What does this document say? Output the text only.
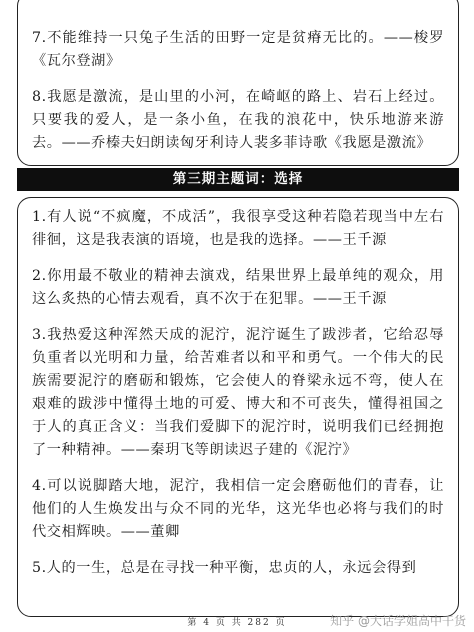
7.不能维持一只兔子生活的田野一定是贫瘠无比的。——梭罗《瓦尔登湖》

8.我愿是激流，是山里的小河，在崎岖的路上、岩石上经过。只要我的爱人，是一条小鱼，在我的浪花中，快乐地游来游去。——乔榛夫妇朗读匈牙利诗人裴多菲诗歌《我愿是激流》

第三期主题词：选择

1.有人说“不疯魔，不成活”，我很享受这种若隐若现当中左右徘徊，这是我表演的语境，也是我的选择。——王千源

2.你用最不敬业的精神去演戏，结果世界上最单纯的观众，用这么炙热的心情去观看，真不次于在犯罪。——王千源

3.我热爱这种浑然天成的泥泞，泥泞诞生了跋涉者，它给忍辱负重者以光明和力量，给苦难者以和平和勇气。一个伟大的民族需要泥泞的磨砺和锻炼，它会使人的脊梁永远不弯，使人在艰难的跋涉中懂得土地的可爱、博大和不可丧失，懂得祖国之于人的真正含义：当我们爱脚下的泥泞时，说明我们已经拥抱了一种精神。——秦玥飞等朗读迟子建的《泥泞》

4.可以说脚踏大地，泥泞，我相信一定会磨砺他们的青春，让他们的人生焕发出与众不同的光华，这光华也必将与我们的时代交相辉映。——董卿

5.人的一生，总是在寻找一种平衡，忠贞的人，永远会得到

第 4 页 共 282 页	知乎 @大话学姐高中干货
